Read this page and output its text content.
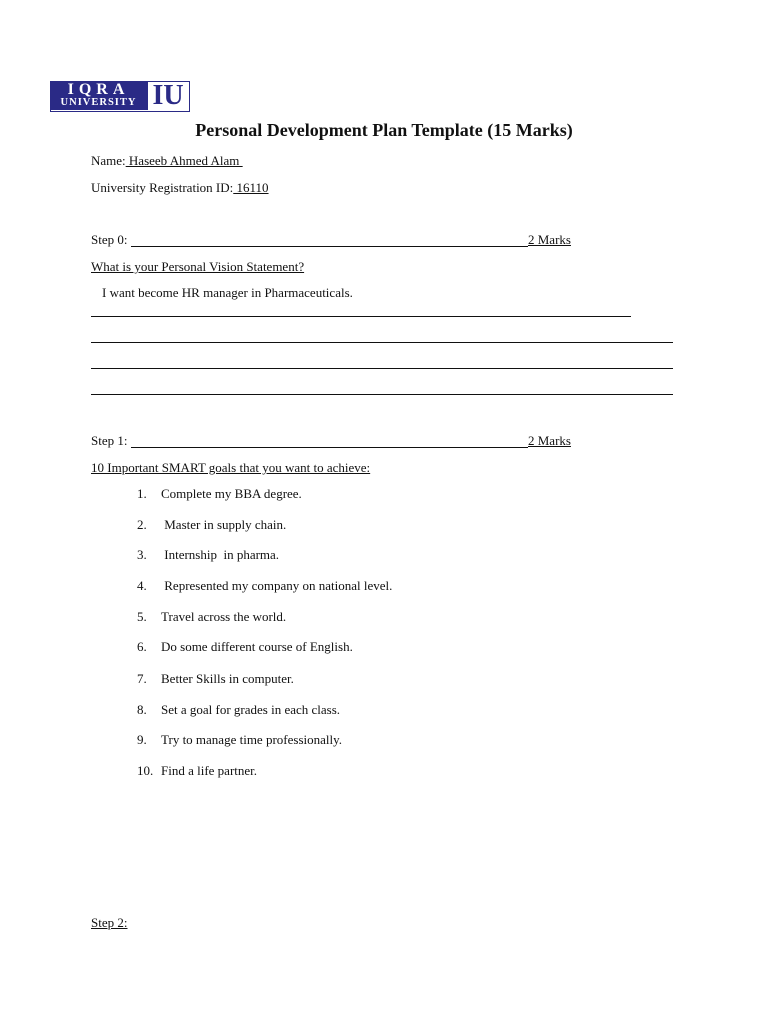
IQRA
UNIVERSITY IU
Personal Development Plan Template (15 Marks)
Name: Haseeb Ahmed Alam
University Registration ID: 16110
Step 0:	2 Marks
What is your Personal Vision Statement?
I want become HR manager in Pharmaceuticals.
Step 1:	2 Marks
10 Important SMART goals that you want to achieve:
1.	Complete my BBA degree.
2.	Master in supply chain.
3.	Internship  in pharma.
4.	Represented my company on national level.
5.	Travel across the world.
6.	Do some different course of English.
7.	Better Skills in computer.
8.	Set a goal for grades in each class.
9.	Try to manage time professionally.
10. Find a life partner.
Step 2:
